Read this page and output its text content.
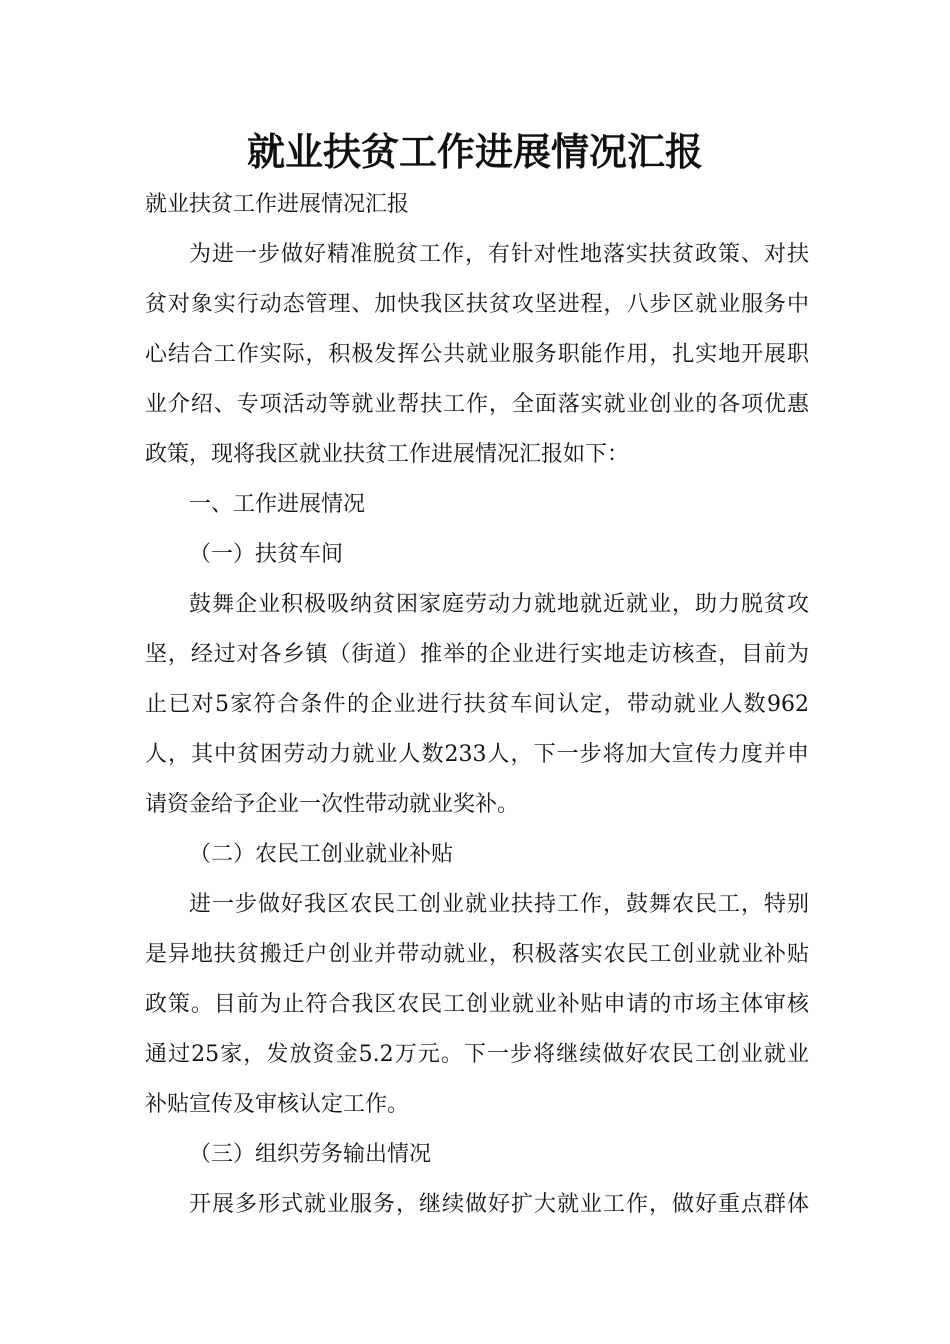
就业扶贫工作进展情况汇报
就业扶贫工作进展情况汇报
为进一步做好精准脱贫工作，有针对性地落实扶贫政策、对扶
贫对象实行动态管理、加快我区扶贫攻坚进程，八步区就业服务中
心结合工作实际，积极发挥公共就业服务职能作用，扎实地开展职
业介绍、专项活动等就业帮扶工作，全面落实就业创业的各项优惠
政策，现将我区就业扶贫工作进展情况汇报如下：
一、工作进展情况
（一）扶贫车间
鼓舞企业积极吸纳贫困家庭劳动力就地就近就业，助力脱贫攻
坚，经过对各乡镇（街道）推举的企业进行实地走访核查，目前为
止已对5家符合条件的企业进行扶贫车间认定，带动就业人数962
人，其中贫困劳动力就业人数233人，下一步将加大宣传力度并申
请资金给予企业一次性带动就业奖补。
（二）农民工创业就业补贴
进一步做好我区农民工创业就业扶持工作，鼓舞农民工，特别
是异地扶贫搬迁户创业并带动就业，积极落实农民工创业就业补贴
政策。目前为止符合我区农民工创业就业补贴申请的市场主体审核
通过25家，发放资金5.2万元。下一步将继续做好农民工创业就业
补贴宣传及审核认定工作。
（三）组织劳务输出情况
开展多形式就业服务，继续做好扩大就业工作，做好重点群体
